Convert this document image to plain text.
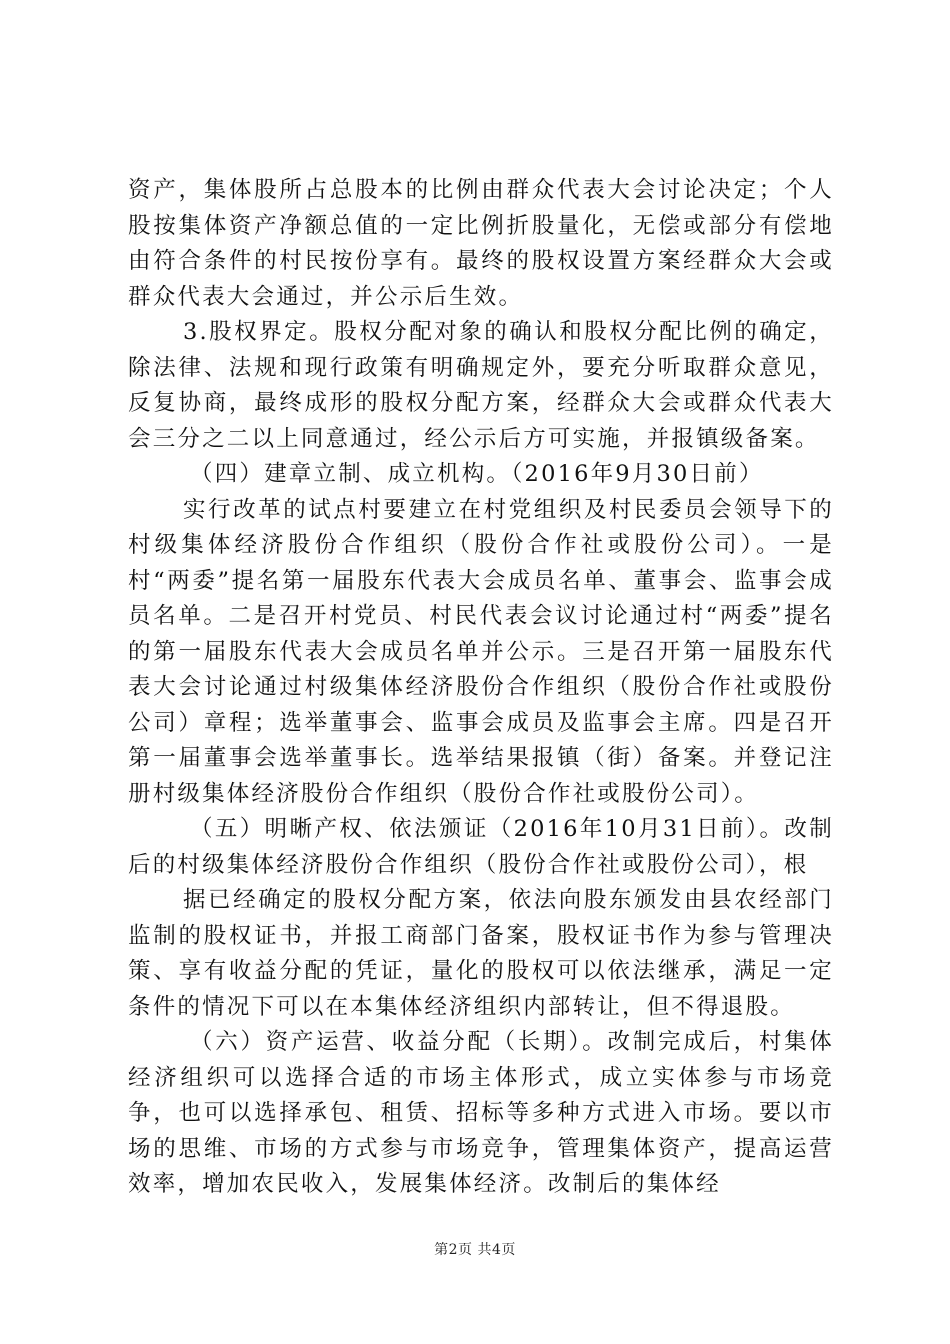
资产，集体股所占总股本的比例由群众代表大会讨论决定；个人股按集体资产净额总值的一定比例折股量化，无偿或部分有偿地由符合条件的村民按份享有。最终的股权设置方案经群众大会或群众代表大会通过，并公示后生效。

3.股权界定。股权分配对象的确认和股权分配比例的确定，除法律、法规和现行政策有明确规定外，要充分听取群众意见，反复协商，最终成形的股权分配方案，经群众大会或群众代表大会三分之二以上同意通过，经公示后方可实施，并报镇级备案。

（四）建章立制、成立机构。（2016年9月30日前）

实行改革的试点村要建立在村党组织及村民委员会领导下的村级集体经济股份合作组织（股份合作社或股份公司）。一是村“两委”提名第一届股东代表大会成员名单、董事会、监事会成员名单。二是召开村党员、村民代表会议讨论通过村“两委”提名的第一届股东代表大会成员名单并公示。三是召开第一届股东代表大会讨论通过村级集体经济股份合作组织（股份合作社或股份公司）章程；选举董事会、监事会成员及监事会主席。四是召开第一届董事会选举董事长。选举结果报镇（街）备案。并登记注册村级集体经济股份合作组织（股份合作社或股份公司）。

（五）明晰产权、依法颁证（2016年10月31日前）。改制后的村级集体经济股份合作组织（股份合作社或股份公司），根

据已经确定的股权分配方案，依法向股东颁发由县农经部门监制的股权证书，并报工商部门备案，股权证书作为参与管理决策、享有收益分配的凭证，量化的股权可以依法继承，满足一定条件的情况下可以在本集体经济组织内部转让，但不得退股。

（六）资产运营、收益分配（长期）。改制完成后，村集体经济组织可以选择合适的市场主体形式，成立实体参与市场竞争，也可以选择承包、租赁、招标等多种方式进入市场。要以市场的思维、市场的方式参与市场竞争，管理集体资产，提高运营效率，增加农民收入，发展集体经济。改制后的集体经

第2页 共4页
